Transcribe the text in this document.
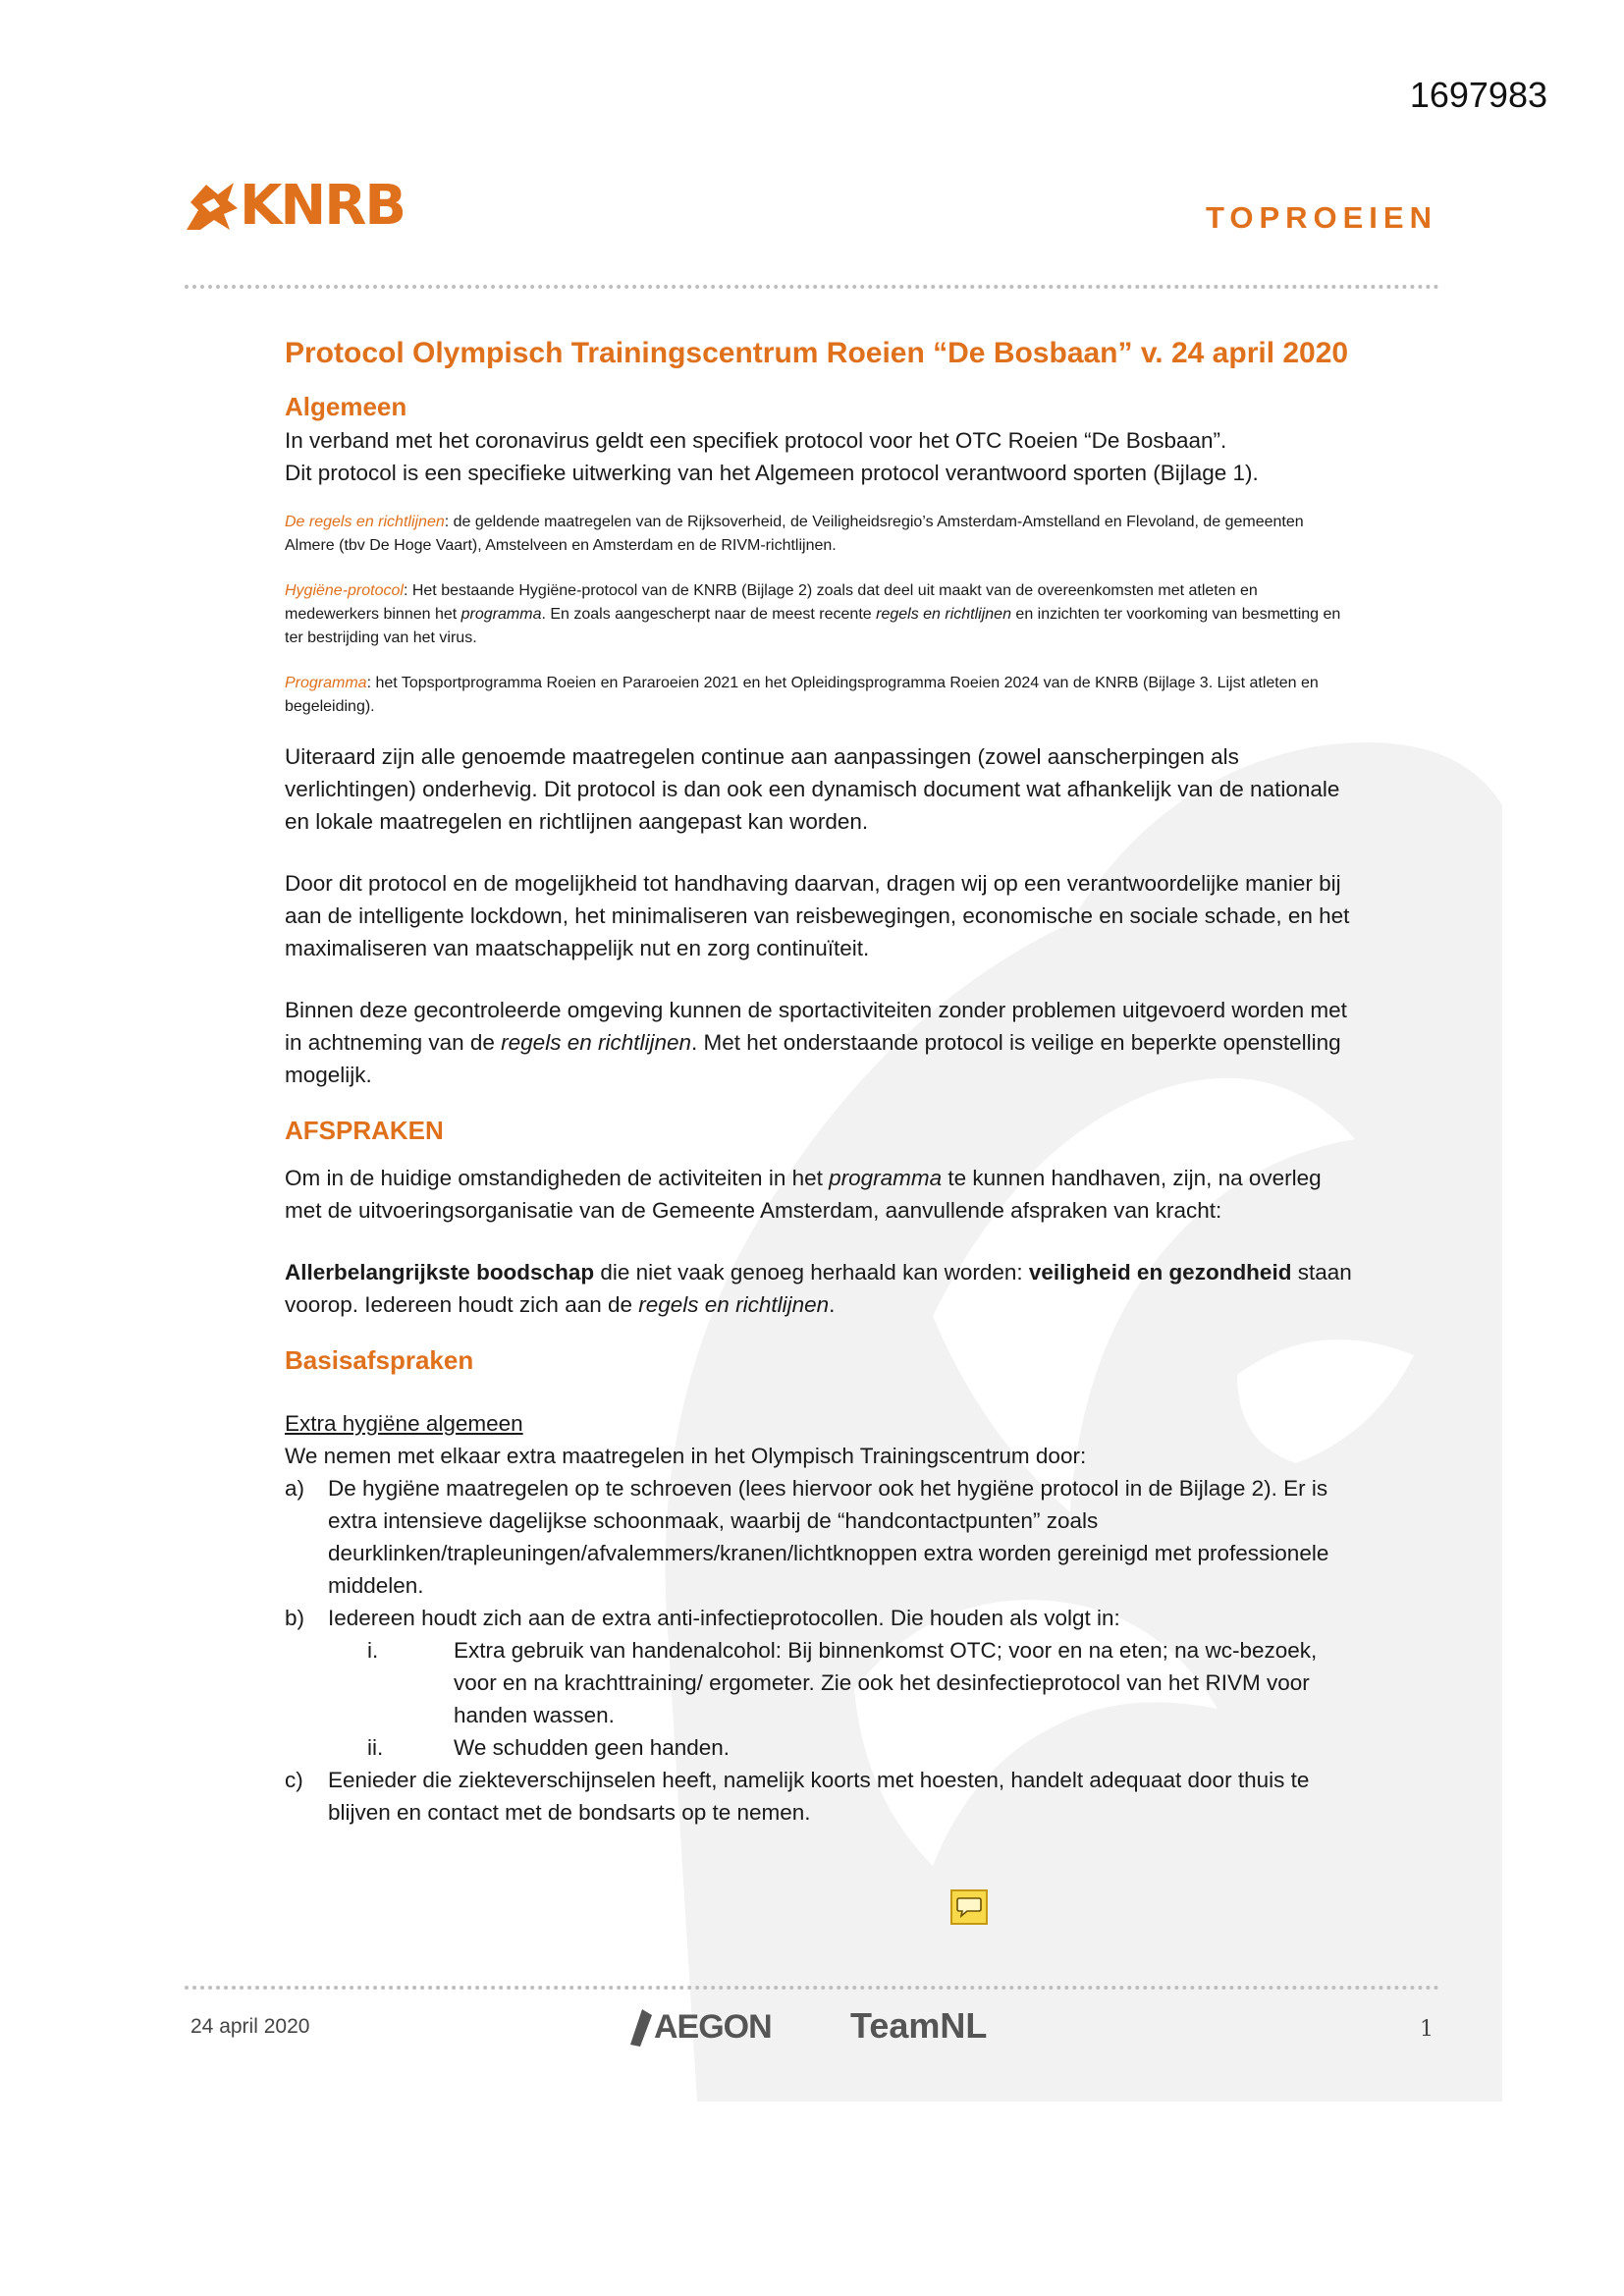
1697983
KNRB	TOPROEIEN
Protocol Olympisch Trainingscentrum Roeien “De Bosbaan” v. 24 april 2020
Algemeen

In verband met het coronavirus geldt een specifiek protocol voor het OTC Roeien “De Bosbaan”.

Dit protocol is een specifieke uitwerking van het Algemeen protocol verantwoord sporten (Bijlage 1).

De regels en richtlijnen: de geldende maatregelen van de Rijksoverheid, de Veiligheidsregio’s Amsterdam-Amstelland en Flevoland, de gemeenten Almere (tbv De Hoge Vaart), Amstelveen en Amsterdam en de RIVM-richtlijnen.

Hygiëne-protocol: Het bestaande Hygiëne-protocol van de KNRB (Bijlage 2) zoals dat deel uit maakt van de overeenkomsten met atleten en medewerkers binnen het programma. En zoals aangescherpt naar de meest recente regels en richtlijnen en inzichten ter voorkoming van besmetting en ter bestrijding van het virus.

Programma: het Topsportprogramma Roeien en Pararoeien 2021 en het Opleidingsprogramma Roeien 2024 van de KNRB (Bijlage 3. Lijst atleten en begeleiding).

Uiteraard zijn alle genoemde maatregelen continue aan aanpassingen (zowel aanscherpingen als verlichtingen) onderhevig. Dit protocol is dan ook een dynamisch document wat afhankelijk van de nationale en lokale maatregelen en richtlijnen aangepast kan worden.

Door dit protocol en de mogelijkheid tot handhaving daarvan, dragen wij op een verantwoordelijke manier bij aan de intelligente lockdown, het minimaliseren van reisbewegingen, economische en sociale schade, en het maximaliseren van maatschappelijk nut en zorg continuïteit.

Binnen deze gecontroleerde omgeving kunnen de sportactiviteiten zonder problemen uitgevoerd worden met in achtneming van de regels en richtlijnen. Met het onderstaande protocol is veilige en beperkte openstelling mogelijk.

AFSPRAKEN

Om in de huidige omstandigheden de activiteiten in het programma te kunnen handhaven, zijn, na overleg met de uitvoeringsorganisatie van de Gemeente Amsterdam, aanvullende afspraken van kracht:

Allerbelangrijkste boodschap die niet vaak genoeg herhaald kan worden: veiligheid en gezondheid staan voorop. Iedereen houdt zich aan de regels en richtlijnen.

Basisafspraken

Extra hygiëne algemeen

We nemen met elkaar extra maatregelen in het Olympisch Trainingscentrum door:

a)	De hygiëne maatregelen op te schroeven (lees hiervoor ook het hygiëne protocol in de Bijlage 2). Er is extra intensieve dagelijkse schoonmaak, waarbij de “handcontactpunten” zoals deurklinken/trapleuningen/afvalemmers/kranen/lichtknoppen extra worden gereinigd met professionele middelen.
b)	Iedereen houdt zich aan de extra anti-infectieprotocollen. Die houden als volgt in:
i.	Extra gebruik van handenalcohol: Bij binnenkomst OTC; voor en na eten; na wc-bezoek, voor en na krachttraining/ ergometer. Zie ook het desinfectieprotocol van het RIVM voor handen wassen.
ii.	We schudden geen handen.
c)	Eenieder die ziekteverschijnselen heeft, namelijk koorts met hoesten, handelt adequaat door thuis te blijven en contact met de bondsarts op te nemen.
24 april 2020	AEGON TeamNL	1
